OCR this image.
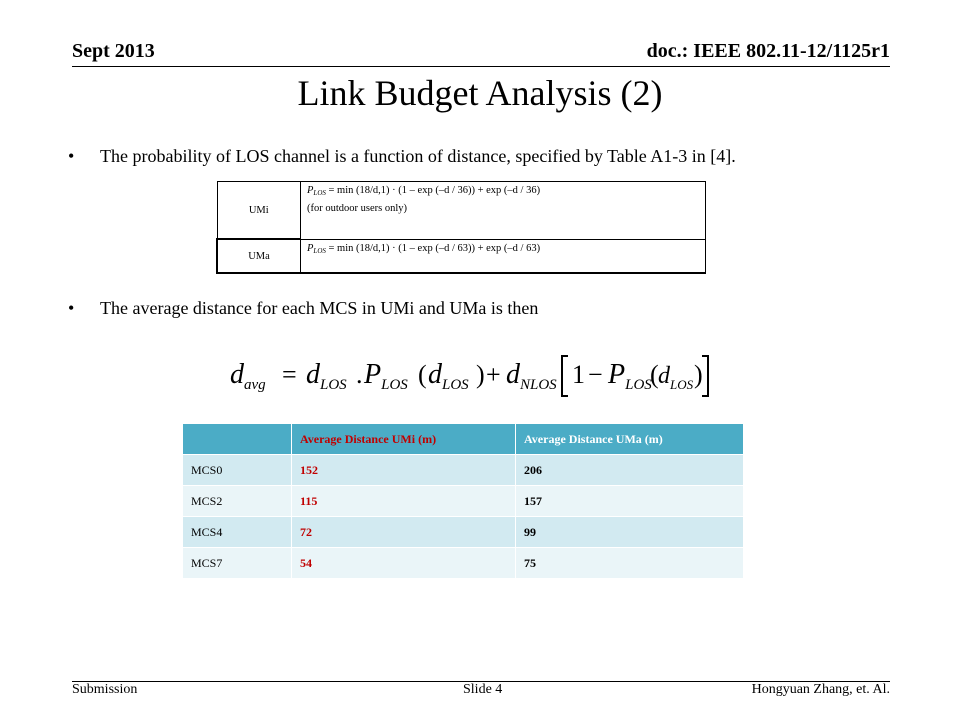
Sept 2013	doc.: IEEE 802.11-12/1125r1
Link Budget Analysis (2)
•	The probability of LOS channel is a function of distance, specified by Table A1-3 in [4].
UMi	$P_{LOS} = \min (18/d,1) \cdot (1 - \exp (-d / 36)) + \exp (-d / 36)$
(for outdoor users only)

UMa	$P_{LOS} = \min (18/d,1) \cdot (1 - \exp (-d / 63)) + \exp (-d / 63)$
•	The average distance for each MCS in UMi and UMa is then
$d_{avg} = d_{LOS}$ . $P_{LOS}$ ( $d_{LOS}$ ) + $d_{NLOS}$ $1 - P_{LOS}$
( $d_{LOS}$ )
	Average Distance UMi (m)	Average Distance UMa (m)
MCS0	152	206
MCS2	115	157
MCS4	72	99
MCS7	54	75
Submission	Slide 4	Hongyuan Zhang, et. Al.
